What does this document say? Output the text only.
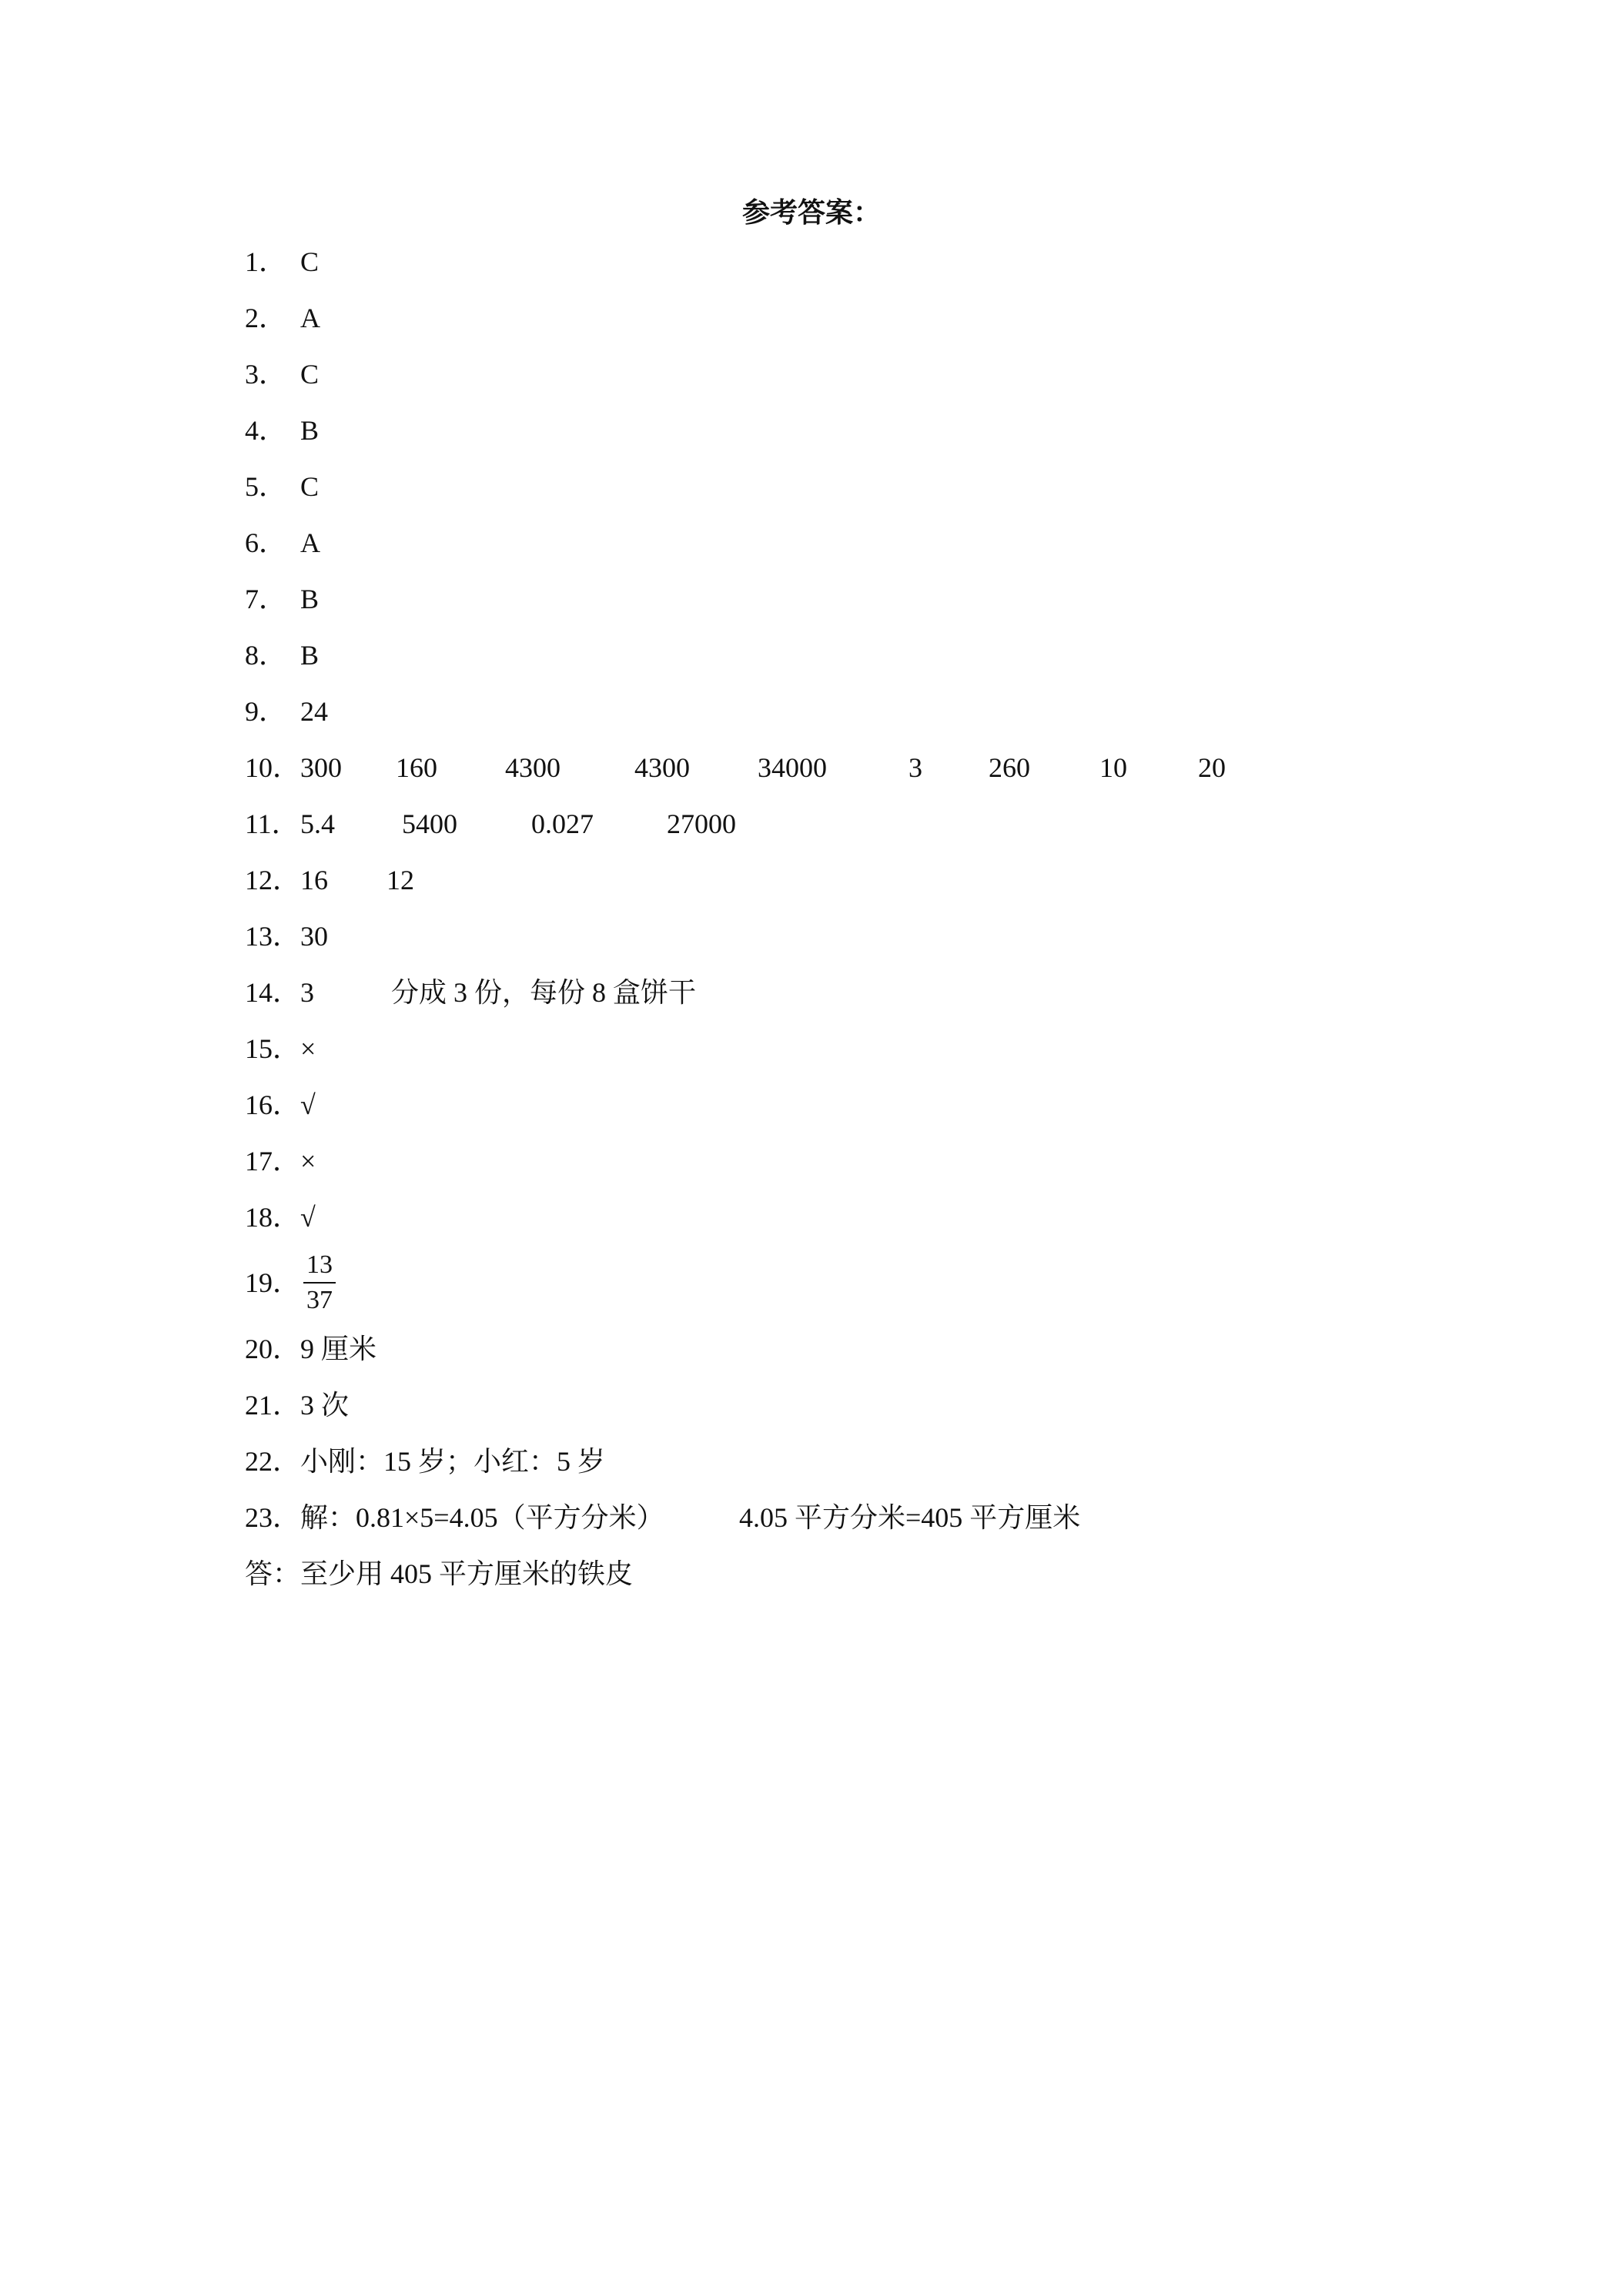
参考答案：
1． C
2． A
3． C
4． B
5． C
6． A
7． B
8． B
9． 24
10． 300	160	4300	4300	34000	3	260	10	20
11． 5.4	5400	0.027	27000
12． 16	12
13． 30
14． 3	分成 3 份，每份 8 盒饼干
15． ×
16． √
17． ×
18． √
19． $\frac{13}{37}$
20． 9 厘米
21． 3 次
22． 小刚：15 岁；小红：5 岁
23． 解：0.81×5=4.05（平方分米）	4.05 平方分米=405 平方厘米
答：至少用 405 平方厘米的铁皮
